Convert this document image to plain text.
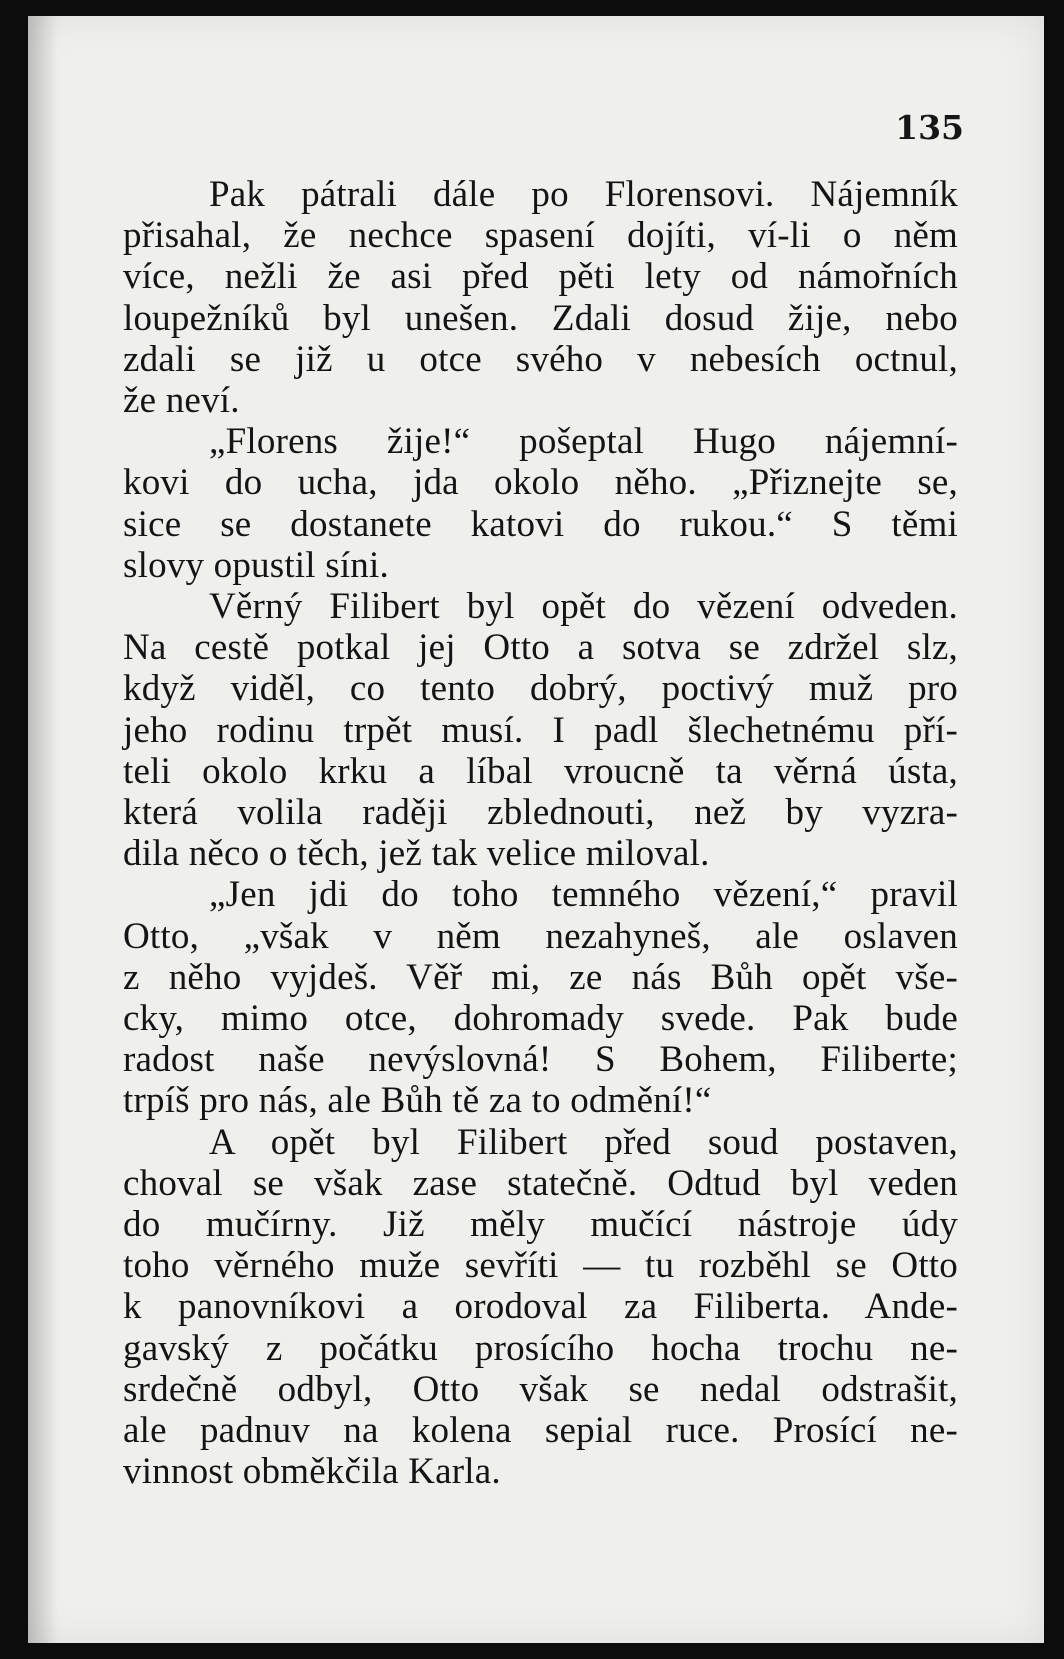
135
Pak pátrali dále po Florensovi. Nájemník
přisahal, že nechce spasení dojíti, ví-li o něm
více, nežli že asi před pěti lety od námořních
loupežníků byl unešen. Zdali dosud žije, nebo
zdali se již u otce svého v nebesích octnul,
že neví.
„Florens žije!“ pošeptal Hugo nájemní-
kovi do ucha, jda okolo něho. „Přiznejte se,
sice se dostanete katovi do rukou.“ S těmi
slovy opustil síni.
Věrný Filibert byl opět do vězení odveden.
Na cestě potkal jej Otto a sotva se zdržel slz,
když viděl, co tento dobrý, poctivý muž pro
jeho rodinu trpět musí. I padl šlechetnému pří-
teli okolo krku a líbal vroucně ta věrná ústa,
která volila raději zblednouti, než by vyzra-
dila něco o těch, jež tak velice miloval.
„Jen jdi do toho temného vězení,“ pravil
Otto, „však v něm nezahyneš, ale oslaven
z něho vyjdeš. Věř mi, ze nás Bůh opět vše-
cky, mimo otce, dohromady svede. Pak bude
radost naše nevýslovná! S Bohem, Filiberte;
trpíš pro nás, ale Bůh tě za to odmění!“
A opět byl Filibert před soud postaven,
choval se však zase statečně. Odtud byl veden
do mučírny. Již měly mučící nástroje údy
toho věrného muže sevříti — tu rozběhl se Otto
k panovníkovi a orodoval za Filiberta. Ande-
gavský z počátku prosícího hocha trochu ne-
srdečně odbyl, Otto však se nedal odstrašit,
ale padnuv na kolena sepial ruce. Prosící ne-
vinnost obměkčila Karla.
